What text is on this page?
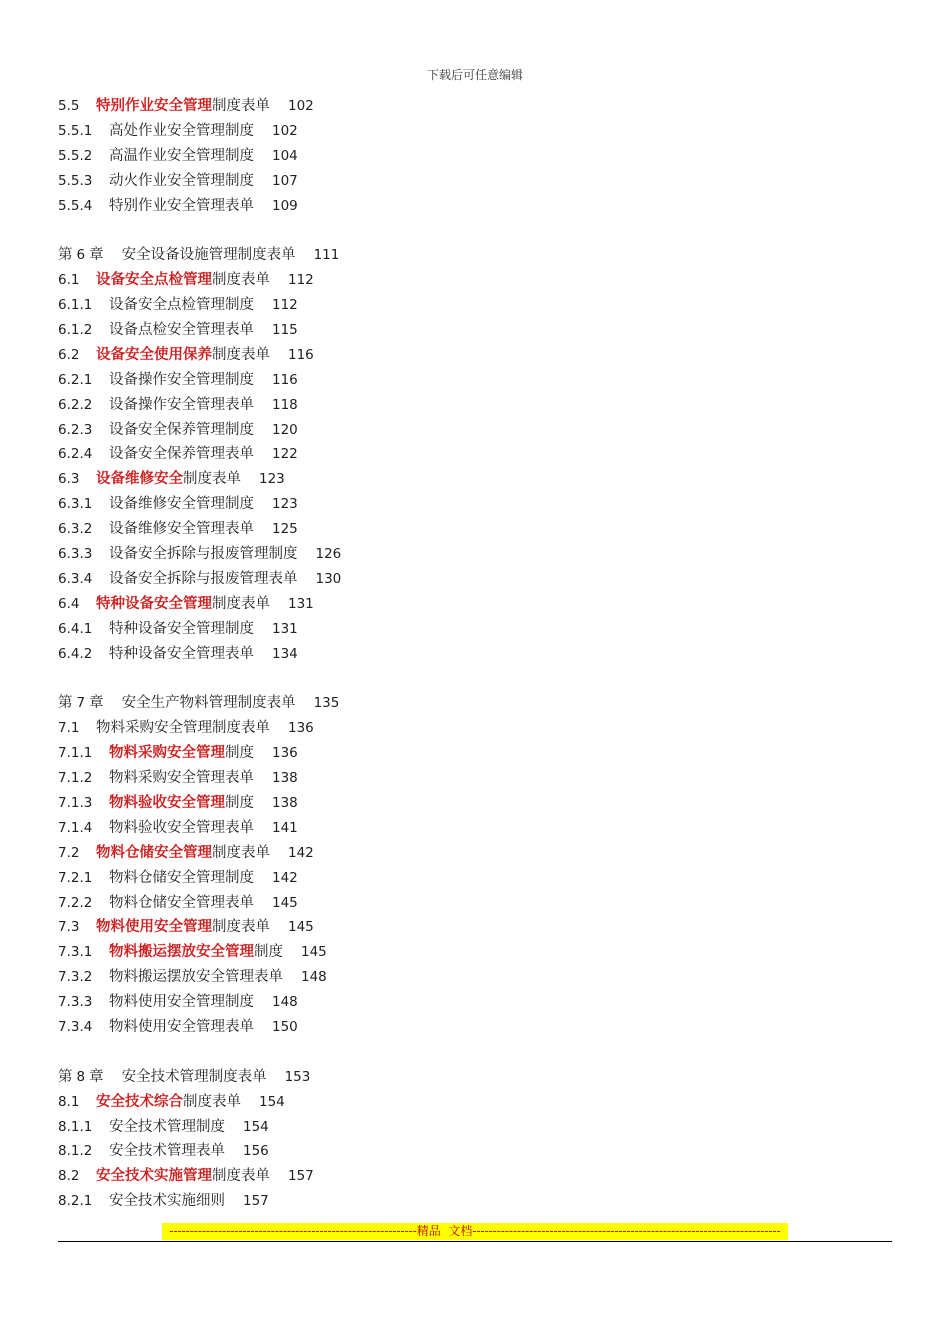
下载后可任意编辑
5.5 特别作业安全管理制度表单 102
5.5.1 高处作业安全管理制度 102
5.5.2 高温作业安全管理制度 104
5.5.3 动火作业安全管理制度 107
5.5.4 特别作业安全管理表单 109
第 6 章 安全设备设施管理制度表单 111
6.1 设备安全点检管理制度表单 112
6.1.1 设备安全点检管理制度 112
6.1.2 设备点检安全管理表单 115
6.2 设备安全使用保养制度表单 116
6.2.1 设备操作安全管理制度 116
6.2.2 设备操作安全管理表单 118
6.2.3 设备安全保养管理制度 120
6.2.4 设备安全保养管理表单 122
6.3 设备维修安全制度表单 123
6.3.1 设备维修安全管理制度 123
6.3.2 设备维修安全管理表单 125
6.3.3 设备安全拆除与报废管理制度 126
6.3.4 设备安全拆除与报废管理表单 130
6.4 特种设备安全管理制度表单 131
6.4.1 特种设备安全管理制度 131
6.4.2 特种设备安全管理表单 134
第 7 章 安全生产物料管理制度表单 135
7.1 物料采购安全管理制度表单 136
7.1.1 物料采购安全管理制度 136
7.1.2 物料采购安全管理表单 138
7.1.3 物料验收安全管理制度 138
7.1.4 物料验收安全管理表单 141
7.2 物料仓储安全管理制度表单 142
7.2.1 物料仓储安全管理制度 142
7.2.2 物料仓储安全管理表单 145
7.3 物料使用安全管理制度表单 145
7.3.1 物料搬运摆放安全管理制度 145
7.3.2 物料搬运摆放安全管理表单 148
7.3.3 物料使用安全管理制度 148
7.3.4 物料使用安全管理表单 150
第 8 章 安全技术管理制度表单 153
8.1 安全技术综合制度表单 154
8.1.1 安全技术管理制度 154
8.1.2 安全技术管理表单 156
8.2 安全技术实施管理制度表单 157
8.2.1 安全技术实施细则 157
-------------------------------------------------------------精品  文档----------------------------------------------------------------------------
